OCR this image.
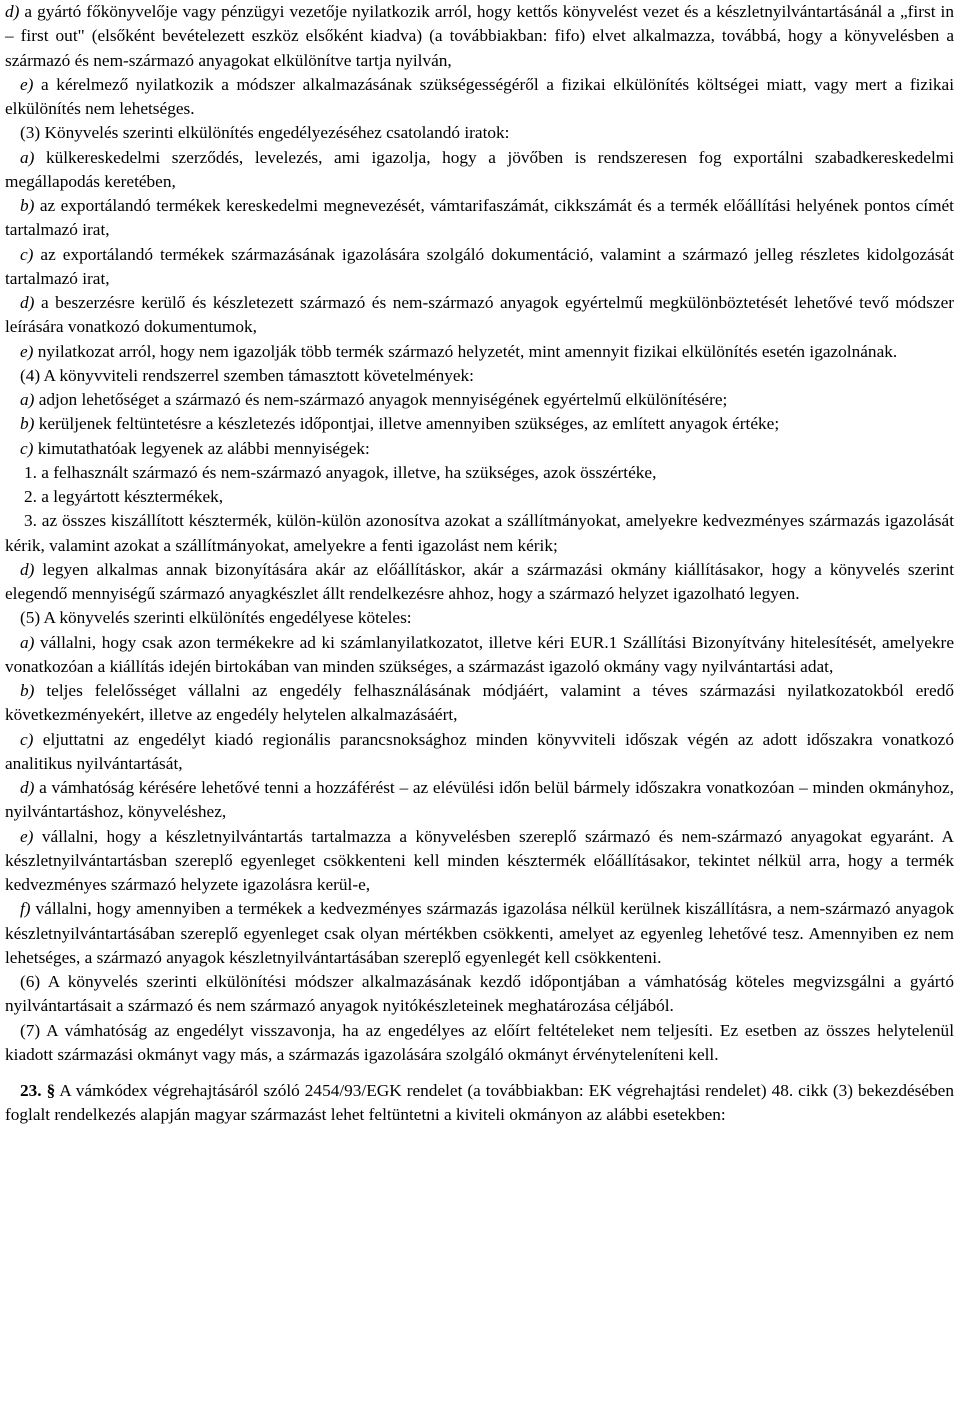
d) a gyártó főkönyvelője vagy pénzügyi vezetője nyilatkozik arról, hogy kettős könyvelést vezet és a készletnyilvántartásánál a „first in – first out" (elsőként bevételezett eszköz elsőként kiadva) (a továbbiakban: fifo) elvet alkalmazza, továbbá, hogy a könyvelésben a származó és nem-származó anyagokat elkülönítve tartja nyilván,

e) a kérelmező nyilatkozik a módszer alkalmazásának szükségességéről a fizikai elkülönítés költségei miatt, vagy mert a fizikai elkülönítés nem lehetséges.

(3) Könyvelés szerinti elkülönítés engedélyezéséhez csatolandó iratok:

a) külkereskedelmi szerződés, levelezés, ami igazolja, hogy a jövőben is rendszeresen fog exportálni szabadkereskedelmi megállapodás keretében,

b) az exportálandó termékek kereskedelmi megnevezését, vámtarifaszámát, cikkszámát és a termék előállítási helyének pontos címét tartalmazó irat,

c) az exportálandó termékek származásának igazolására szolgáló dokumentáció, valamint a származó jelleg részletes kidolgozását tartalmazó irat,

d) a beszerzésre kerülő és készletezett származó és nem-származó anyagok egyértelmű megkülönböztetését lehetővé tevő módszer leírására vonatkozó dokumentumok,

e) nyilatkozat arról, hogy nem igazolják több termék származó helyzetét, mint amennyit fizikai elkülönítés esetén igazolnának.

(4) A könyvviteli rendszerrel szemben támasztott követelmények:

a) adjon lehetőséget a származó és nem-származó anyagok mennyiségének egyértelmű elkülönítésére;

b) kerüljenek feltüntetésre a készletezés időpontjai, illetve amennyiben szükséges, az említett anyagok értéke;

c) kimutathatóak legyenek az alábbi mennyiségek:

1. a felhasznált származó és nem-származó anyagok, illetve, ha szükséges, azok összértéke,

2. a legyártott késztermékek,

3. az összes kiszállított késztermék, külön-külön azonosítva azokat a szállítmányokat, amelyekre kedvezményes származás igazolását kérik, valamint azokat a szállítmányokat, amelyekre a fenti igazolást nem kérik;

d) legyen alkalmas annak bizonyítására akár az előállításkor, akár a származási okmány kiállításakor, hogy a könyvelés szerint elegendő mennyiségű származó anyagkészlet állt rendelkezésre ahhoz, hogy a származó helyzet igazolható legyen.

(5) A könyvelés szerinti elkülönítés engedélyese köteles:

a) vállalni, hogy csak azon termékekre ad ki számlanyilatkozatot, illetve kéri EUR.1 Szállítási Bizonyítvány hitelesítését, amelyekre vonatkozóan a kiállítás idején birtokában van minden szükséges, a származást igazoló okmány vagy nyilvántartási adat,

b) teljes felelősséget vállalni az engedély felhasználásának módjáért, valamint a téves származási nyilatkozatokból eredő következményekért, illetve az engedély helytelen alkalmazásáért,

c) eljuttatni az engedélyt kiadó regionális parancsnoksághoz minden könyvviteli időszak végén az adott időszakra vonatkozó analitikus nyilvántartását,

d) a vámhatóság kérésére lehetővé tenni a hozzáférést – az elévülési időn belül bármely időszakra vonatkozóan – minden okmányhoz, nyilvántartáshoz, könyveléshez,

e) vállalni, hogy a készletnyilvántartás tartalmazza a könyvelésben szereplő származó és nem-származó anyagokat egyaránt. A készletnyilvántartásban szereplő egyenleget csökkenteni kell minden késztermék előállításakor, tekintet nélkül arra, hogy a termék kedvezményes származó helyzete igazolásra kerül-e,

f) vállalni, hogy amennyiben a termékek a kedvezményes származás igazolása nélkül kerülnek kiszállításra, a nem-származó anyagok készletnyilvántartásában szereplő egyenleget csak olyan mértékben csökkenti, amelyet az egyenleg lehetővé tesz. Amennyiben ez nem lehetséges, a származó anyagok készletnyilvántartásában szereplő egyenlegét kell csökkenteni.

(6) A könyvelés szerinti elkülönítési módszer alkalmazásának kezdő időpontjában a vámhatóság köteles megvizsgálni a gyártó nyilvántartásait a származó és nem származó anyagok nyitókészleteinek meghatározása céljából.

(7) A vámhatóság az engedélyt visszavonja, ha az engedélyes az előírt feltételeket nem teljesíti. Ez esetben az összes helytelenül kiadott származási okmányt vagy más, a származás igazolására szolgáló okmányt érvényteleníteni kell.

23. § A vámkódex végrehajtásáról szóló 2454/93/EGK rendelet (a továbbiakban: EK végrehajtási rendelet) 48. cikk (3) bekezdésében foglalt rendelkezés alapján magyar származást lehet feltüntetni a kiviteli okmányon az alábbi esetekben:
